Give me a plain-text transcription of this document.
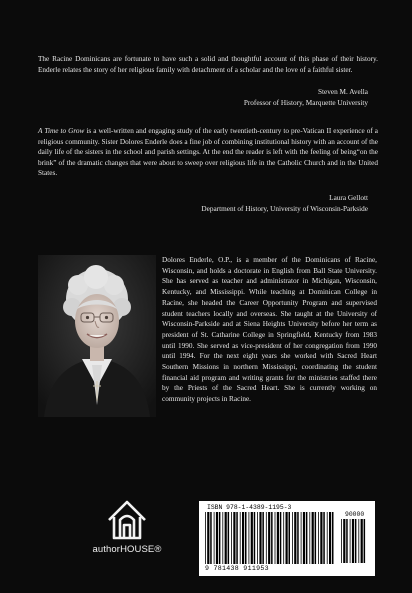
The Racine Dominicans are fortunate to have such a solid and thoughtful account of this phase of their history. Enderle relates the story of her religious family with detachment of a scholar and the love of a faithful sister.

Steven M. Avella
Professor of History, Marquette University

A Time to Grow is a well-written and engaging study of the early twentieth-century to pre-Vatican II experience of a religious community. Sister Dolores Enderle does a fine job of combining institutional history with an account of the daily life of the sisters in the school and parish settings. At the end the reader is left with the feeling of being“on the brink” of the dramatic changes that were about to sweep over religious life in the Catholic Church and in the United States.

Laura Gellott
Department of History, University of Wisconsin-Parkside

Dolores Enderle, O.P., is a member of the Dominicans of Racine, Wisconsin, and holds a doctorate in English from Ball State University. She has served as teacher and administrator in Michigan, Wisconsin, Kentucky, and Mississippi. While teaching at Dominican College in Racine, she headed the Career Opportunity Program and supervised student teachers locally and overseas. She taught at the University of Wisconsin-Parkside and at Siena Heights University before her term as president of St. Catharine College in Springfield, Kentucky from 1983 until 1990. She served as vice-president of her congregation from 1990 until 1994. For the next eight years she worked with Sacred Heart Southern Missions in northern Mississippi, coordinating the student financial aid program and writing grants for the ministries staffed there by the Priests of the Sacred Heart. She is currently working on community projects in Racine.

authorHOUSE®
ISBN 978-1-4389-1195-3
90000
9 781438 911953
